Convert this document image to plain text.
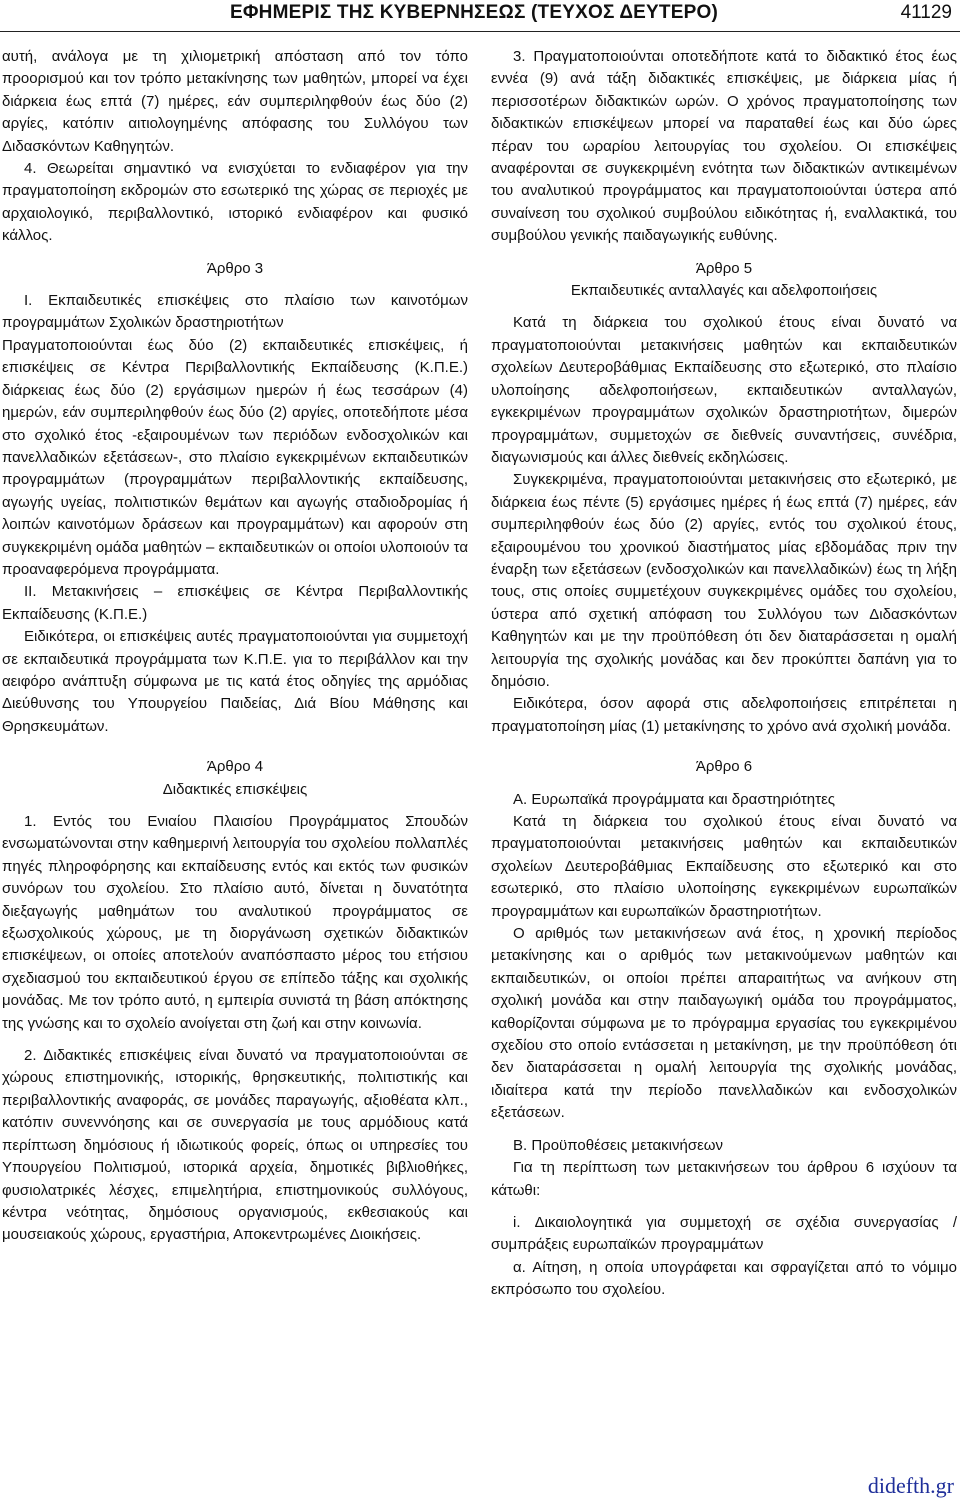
ΕΦΗΜΕΡΙΣ ΤΗΣ ΚΥΒΕΡΝΗΣΕΩΣ (ΤΕΥΧΟΣ ΔΕΥΤΕΡΟ)	41129

αυτή, ανάλογα με τη χιλιομετρική απόσταση από τον τόπο προορισμού και τον τρόπο μετακίνησης των μαθητών, μπορεί να έχει διάρκεια έως επτά (7) ημέρες, εάν συμπεριληφθούν έως δύο (2) αργίες, κατόπιν αιτιολογημένης απόφασης του Συλλόγου των Διδασκόντων Καθηγητών.

4. Θεωρείται σημαντικό να ενισχύεται το ενδιαφέρον για την πραγματοποίηση εκδρομών στο εσωτερικό της χώρας σε περιοχές με αρχαιολογικό, περιβαλλοντικό, ιστορικό ενδιαφέρον και φυσικό κάλλος.

Άρθρο 3

Ι. Εκπαιδευτικές επισκέψεις στο πλαίσιο των καινοτόμων προγραμμάτων Σχολικών δραστηριοτήτων

Πραγματοποιούνται έως δύο (2) εκπαιδευτικές επισκέψεις, ή επισκέψεις σε Κέντρα Περιβαλλοντικής Εκπαίδευσης (Κ.Π.Ε.) διάρκειας έως δύο (2) εργάσιμων ημερών ή έως τεσσάρων (4) ημερών, εάν συμπεριληφθούν έως δύο (2) αργίες, οποτεδήποτε μέσα στο σχολικό έτος -εξαιρουμένων των περιόδων ενδοσχολικών και πανελλαδικών εξετάσεων-, στο πλαίσιο εγκεκριμένων εκπαιδευτικών προγραμμάτων (προγραμμάτων περιβαλλοντικής εκπαίδευσης, αγωγής υγείας, πολιτιστικών θεμάτων και αγωγής σταδιοδρομίας ή λοιπών καινοτόμων δράσεων και προγραμμάτων) και αφορούν στη συγκεκριμένη ομάδα μαθητών – εκπαιδευτικών οι οποίοι υλοποιούν τα προαναφερόμενα προγράμματα.

ΙΙ. Μετακινήσεις – επισκέψεις σε Κέντρα Περιβαλλοντικής Εκπαίδευσης (Κ.Π.Ε.)

Ειδικότερα, οι επισκέψεις αυτές πραγματοποιούνται για συμμετοχή σε εκπαιδευτικά προγράμματα των Κ.Π.Ε. για το περιβάλλον και την αειφόρο ανάπτυξη σύμφωνα με τις κατά έτος οδηγίες της αρμόδιας Διεύθυνσης του Υπουργείου Παιδείας, Διά Βίου Μάθησης και Θρησκευμάτων.

Άρθρο 4

Διδακτικές επισκέψεις

1. Εντός του Ενιαίου Πλαισίου Προγράμματος Σπουδών ενσωματώνονται στην καθημερινή λειτουργία του σχολείου πολλαπλές πηγές πληροφόρησης και εκπαίδευσης εντός και εκτός των φυσικών συνόρων του σχολείου. Στο πλαίσιο αυτό, δίνεται η δυνατότητα διεξαγωγής μαθημάτων του αναλυτικού προγράμματος σε εξωσχολικούς χώρους, με τη διοργάνωση σχετικών διδακτικών επισκέψεων, οι οποίες αποτελούν αναπόσπαστο μέρος του ετήσιου σχεδιασμού του εκπαιδευτικού έργου σε επίπεδο τάξης και σχολικής μονάδας. Με τον τρόπο αυτό, η εμπειρία συνιστά τη βάση απόκτησης της γνώσης και το σχολείο ανοίγεται στη ζωή και στην κοινωνία.

2. Διδακτικές επισκέψεις είναι δυνατό να πραγματοποιούνται σε χώρους επιστημονικής, ιστορικής, θρησκευτικής, πολιτιστικής και περιβαλλοντικής αναφοράς, σε μονάδες παραγωγής, αξιοθέατα κλπ., κατόπιν συνεννόησης και σε συνεργασία με τους αρμόδιους κατά περίπτωση δημόσιους ή ιδιωτικούς φορείς, όπως οι υπηρεσίες του Υπουργείου Πολιτισμού, ιστορικά αρχεία, δημοτικές βιβλιοθήκες, φυσιολατρικές λέσχες, επιμελητήρια, επιστημονικούς συλλόγους, κέντρα νεότητας, δημόσιους οργανισμούς, εκθεσιακούς και μουσειακούς χώρους, εργαστήρια, Αποκεντρωμένες Διοικήσεις.

3. Πραγματοποιούνται οποτεδήποτε κατά το διδακτικό έτος έως εννέα (9) ανά τάξη διδακτικές επισκέψεις, με διάρκεια μίας ή περισσοτέρων διδακτικών ωρών. Ο χρόνος πραγματοποίησης των διδακτικών επισκέψεων μπορεί να παραταθεί έως και δύο ώρες πέραν του ωραρίου λειτουργίας του σχολείου. Οι επισκέψεις αναφέρονται σε συγκεκριμένη ενότητα των διδακτικών αντικειμένων του αναλυτικού προγράμματος και πραγματοποιούνται ύστερα από συναίνεση του σχολικού συμβούλου ειδικότητας ή, εναλλακτικά, του συμβούλου γενικής παιδαγωγικής ευθύνης.

Άρθρο 5

Εκπαιδευτικές ανταλλαγές και αδελφοποιήσεις

Κατά τη διάρκεια του σχολικού έτους είναι δυνατό να πραγματοποιούνται μετακινήσεις μαθητών και εκπαιδευτικών σχολείων Δευτεροβάθμιας Εκπαίδευσης στο εξωτερικό, στο πλαίσιο υλοποίησης αδελφοποιήσεων, εκπαιδευτικών ανταλλαγών, εγκεκριμένων προγραμμάτων σχολικών δραστηριοτήτων, διμερών προγραμμάτων, συμμετοχών σε διεθνείς συναντήσεις, συνέδρια, διαγωνισμούς και άλλες διεθνείς εκδηλώσεις.

Συγκεκριμένα, πραγματοποιούνται μετακινήσεις στο εξωτερικό, με διάρκεια έως πέντε (5) εργάσιμες ημέρες ή έως επτά (7) ημέρες, εάν συμπεριληφθούν έως δύο (2) αργίες, εντός του σχολικού έτους, εξαιρουμένου του χρονικού διαστήματος μίας εβδομάδας πριν την έναρξη των εξετάσεων (ενδοσχολικών και πανελλαδικών) έως τη λήξη τους, στις οποίες συμμετέχουν συγκεκριμένες ομάδες του σχολείου, ύστερα από σχετική απόφαση του Συλλόγου των Διδασκόντων Καθηγητών και με την προϋπόθεση ότι δεν διαταράσσεται η ομαλή λειτουργία της σχολικής μονάδας και δεν προκύπτει δαπάνη για το δημόσιο.

Ειδικότερα, όσον αφορά στις αδελφοποιήσεις επιτρέπεται η πραγματοποίηση μίας (1) μετακίνησης το χρόνο ανά σχολική μονάδα.

Άρθρο 6

Α. Ευρωπαϊκά προγράμματα και δραστηριότητες

Κατά τη διάρκεια του σχολικού έτους είναι δυνατό να πραγματοποιούνται μετακινήσεις μαθητών και εκπαιδευτικών σχολείων Δευτεροβάθμιας Εκπαίδευσης στο εξωτερικό και στο εσωτερικό, στο πλαίσιο υλοποίησης εγκεκριμένων ευρωπαϊκών προγραμμάτων και ευρωπαϊκών δραστηριοτήτων.

Ο αριθμός των μετακινήσεων ανά έτος, η χρονική περίοδος μετακίνησης και ο αριθμός των μετακινούμενων μαθητών και εκπαιδευτικών, οι οποίοι πρέπει απαραιτήτως να ανήκουν στη σχολική μονάδα και στην παιδαγωγική ομάδα του προγράμματος, καθορίζονται σύμφωνα με το πρόγραμμα εργασίας του εγκεκριμένου σχεδίου στο οποίο εντάσσεται η μετακίνηση, με την προϋπόθεση ότι δεν διαταράσσεται η ομαλή λειτουργία της σχολικής μονάδας, ιδιαίτερα κατά την περίοδο πανελλαδικών και ενδοσχολικών εξετάσεων.

Β. Προϋποθέσεις μετακινήσεων

Για τη περίπτωση των μετακινήσεων του άρθρου 6 ισχύουν τα κάτωθι:

i. Δικαιολογητικά για συμμετοχή σε σχέδια συνεργασίας / συμπράξεις ευρωπαϊκών προγραμμάτων

α. Αίτηση, η οποία υπογράφεται και σφραγίζεται από το νόμιμο εκπρόσωπο του σχολείου.

didefth.gr
